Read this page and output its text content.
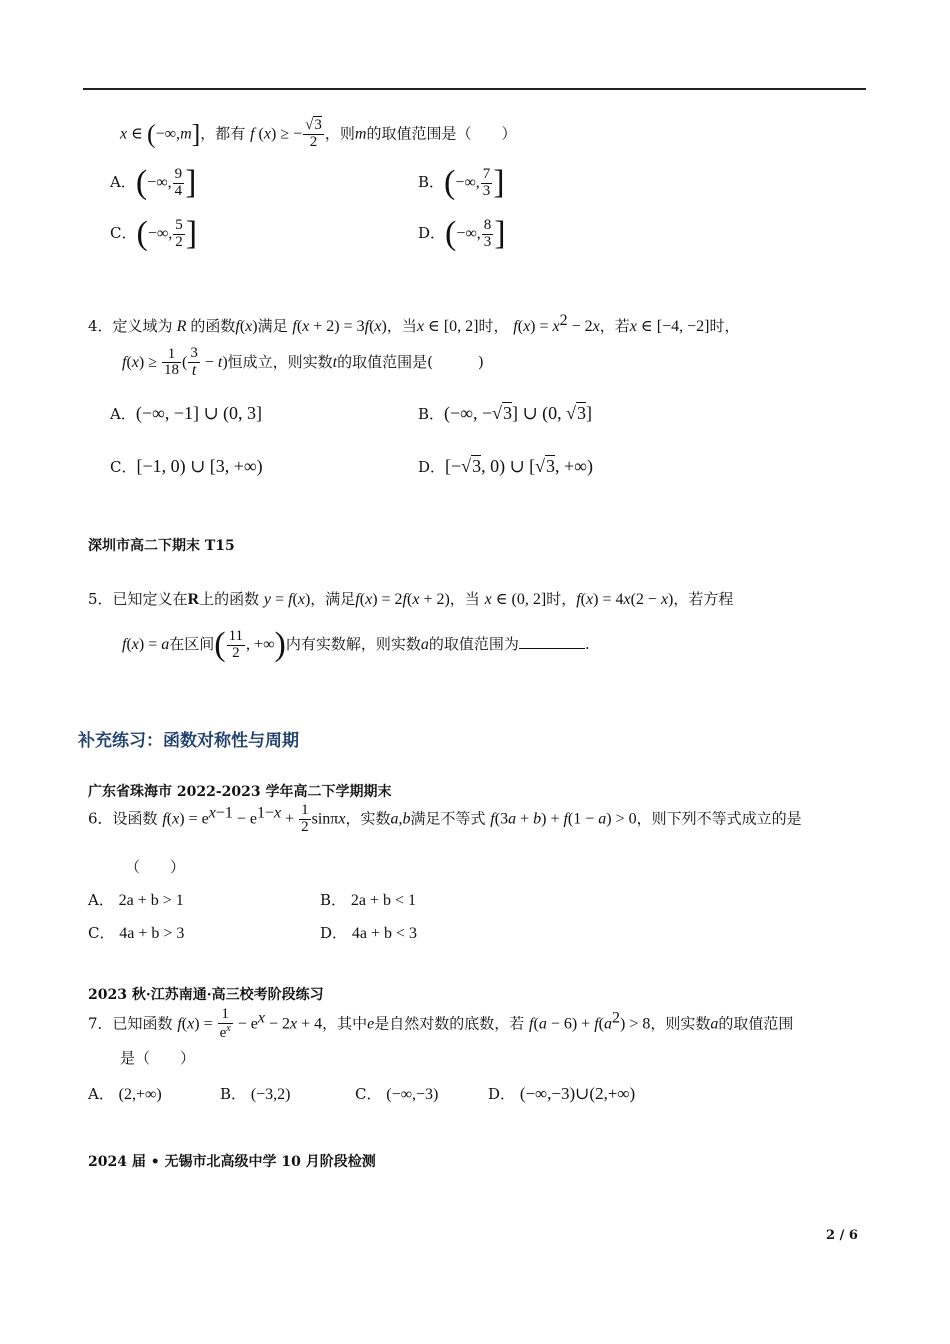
x ∈ (−∞,m]，都有 f (x) ≥ − $\frac{√3}{2}$ ，则m的取值范围是（　　）
A．(−∞, $\frac{9}{4}$ ]	B．(−∞, $\frac{7}{3}$ ]
C．(−∞, $\frac{5}{2}$ ]	D．(−∞, $\frac{8}{3}$ ]
4．定义域为 R 的函数f(x)满足 f(x + 2) = 3f(x)，当x ∈ [0, 2]时， $f(x) = x^2 - 2x$，若x ∈ [−4, −2]时，
$f(x) \ge \frac{1}{18}$ ( $\frac{3}{t} - t$)恒成立，则实数t的取值范围是(　　　)
A．(−∞, −1] ∪ (0, 3]	B．(−∞, −√3] ∪ (0, √3]
C．[−1, 0) ∪ [3, +∞)	D．[−√3, 0) ∪ [√3, +∞)
深圳市高二下期末 T15
5．已知定义在R上的函数 y = f(x)，满足f(x) = 2f(x + 2)，当 x ∈ (0, 2]时，f(x) = 4x(2 − x)，若方程
f(x) = a在区间( $\frac{11}{2}$ , +∞)内有实数解，则实数a的取值范围为	.
补充练习：函数对称性与周期
广东省珠海市 2022-2023 学年高二下学期期末
6．设函数 $f(x) = e^{x-1} - e^{1-x} + \frac{1}{2}$ sinπx，实数a,b满足不等式 f(3a + b) + f(1 − a) > 0，则下列不等式成立的是
（　　）
A． 2a + b > 1	B． 2a + b < 1
C． 4a + b > 3	D． 4a + b < 3
2023 秋·江苏南通·高三校考阶段练习
7．已知函数 $f(x) = \frac{1}{e^x} - e^x - 2x + 4$，其中e是自然对数的底数，若 $f(a - 6) + f(a^2) > 8$，则实数a的取值范围
是（　　）
A． (2,+∞)	B． (−3,2)	C． (−∞,−3)	D． (−∞,−3)∪(2,+∞)
2024 届 • 无锡市北高级中学 10 月阶段检测
2 / 6
